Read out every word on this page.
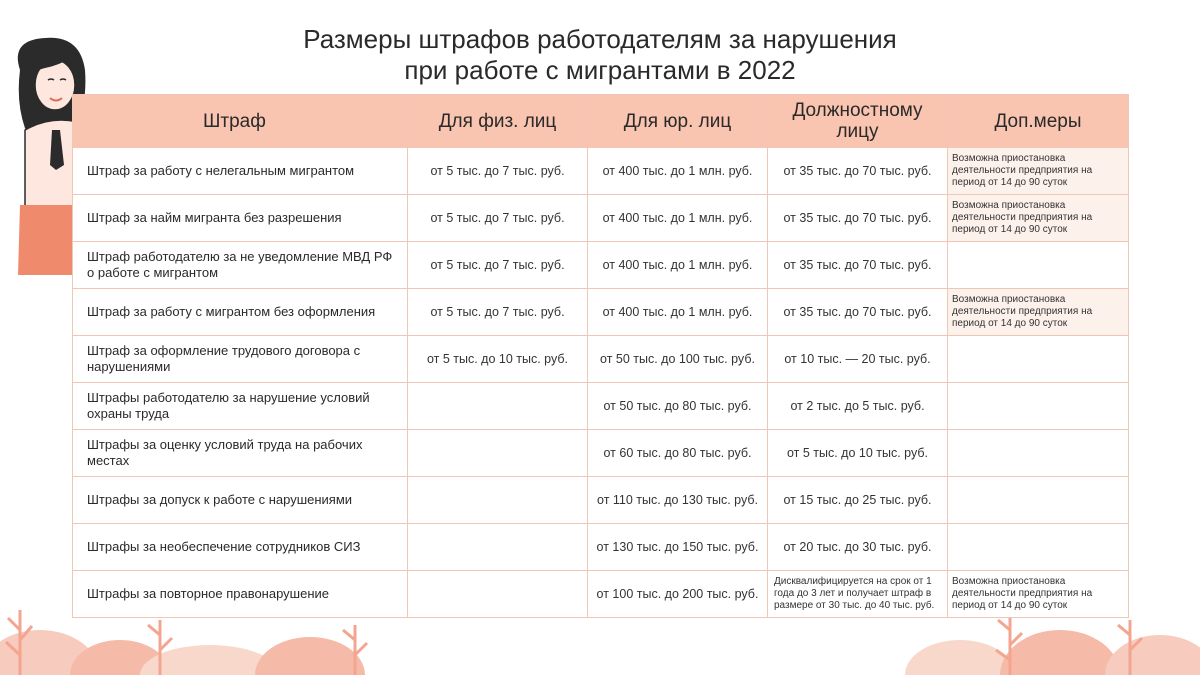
Размеры штрафов работодателям за нарушения
при работе с мигрантами в 2022
Штраф	Для физ. лиц	Для юр. лиц	Должностному лицу	Доп.меры
Штраф за работу с нелегальным мигрантом	от 5 тыс. до 7 тыс. руб.	от 400 тыс. до 1 млн. руб.	от 35 тыс. до 70 тыс. руб.	Возможна приостановка деятельности предприятия на период от 14 до 90 суток
Штраф за найм мигранта без разрешения	от 5 тыс. до 7 тыс. руб.	от 400 тыс. до 1 млн. руб.	от 35 тыс. до 70 тыс. руб.	Возможна приостановка деятельности предприятия на период от 14 до 90 суток
Штраф работодателю за не уведомление МВД РФ о работе с мигрантом	от 5 тыс. до 7 тыс. руб.	от 400 тыс. до 1 млн. руб.	от 35 тыс. до 70 тыс. руб.	
Штраф за работу с мигрантом без оформления	от 5 тыс. до 7 тыс. руб.	от 400 тыс. до 1 млн. руб.	от 35 тыс. до 70 тыс. руб.	Возможна приостановка деятельности предприятия на период от 14 до 90 суток
Штраф за оформление трудового договора с нарушениями	от 5 тыс. до 10 тыс. руб.	от 50 тыс. до 100 тыс. руб.	от 10 тыс. — 20 тыс. руб.	
Штрафы работодателю за нарушение условий охраны труда		от 50 тыс. до 80 тыс. руб.	от 2 тыс. до 5 тыс. руб.	
Штрафы за оценку условий труда на рабочих местах		от 60 тыс. до 80 тыс. руб.	от 5 тыс. до 10 тыс. руб.	
Штрафы за допуск к работе с нарушениями		от 110 тыс. до 130 тыс. руб.	от 15 тыс. до 25 тыс. руб.	
Штрафы за необеспечение сотрудников СИЗ		от 130 тыс. до 150 тыс. руб.	от 20 тыс. до 30 тыс. руб.	
Штрафы за повторное правонарушение		от 100 тыс. до 200 тыс. руб.	Дисквалифицируется на срок от 1 года до 3 лет и получает штраф в размере от 30 тыс. до 40 тыс. руб.	Возможна приостановка деятельности предприятия на период от 14 до 90 суток
